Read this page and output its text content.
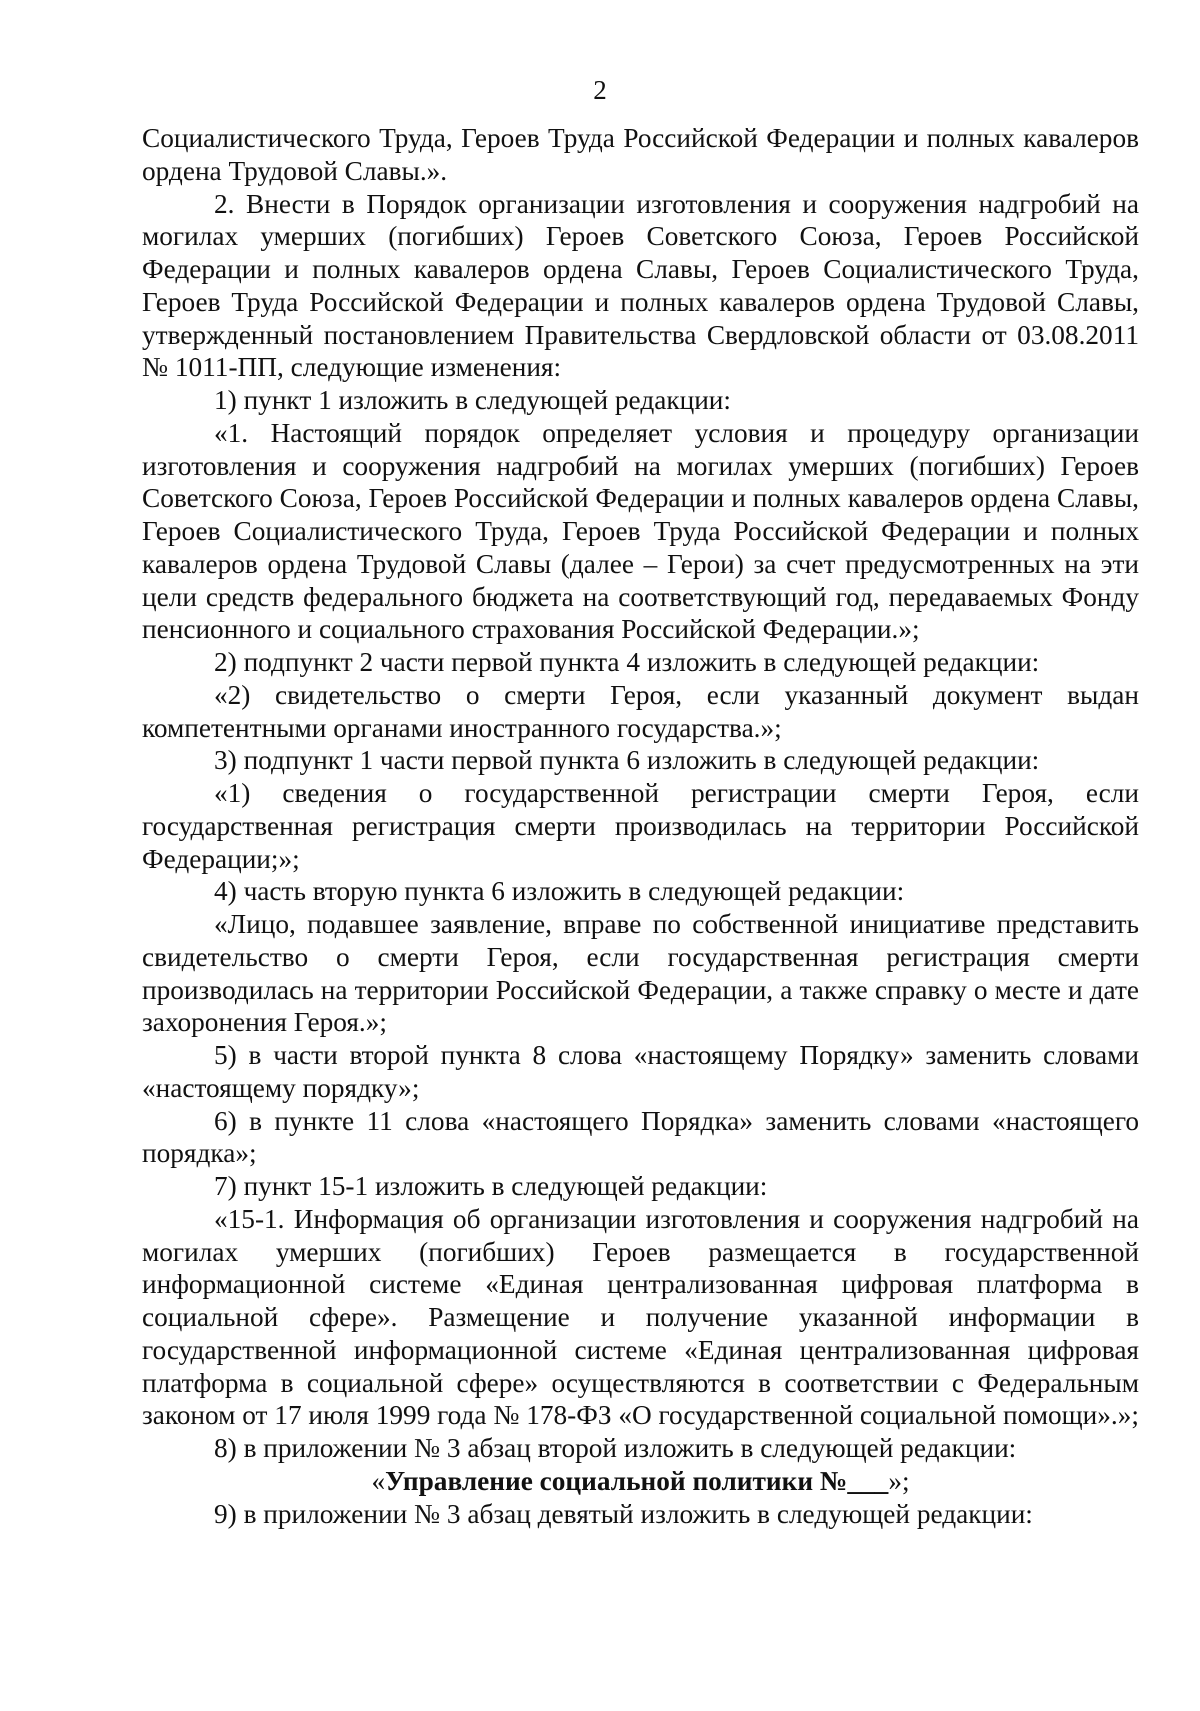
2

Социалистического Труда, Героев Труда Российской Федерации и полных кавалеров ордена Трудовой Славы.».

2. Внести в Порядок организации изготовления и сооружения надгробий на могилах умерших (погибших) Героев Советского Союза, Героев Российской Федерации и полных кавалеров ордена Славы, Героев Социалистического Труда, Героев Труда Российской Федерации и полных кавалеров ордена Трудовой Славы, утвержденный постановлением Правительства Свердловской области от 03.08.2011 № 1011-ПП, следующие изменения:

1) пункт 1 изложить в следующей редакции:

«1. Настоящий порядок определяет условия и процедуру организации изготовления и сооружения надгробий на могилах умерших (погибших) Героев Советского Союза, Героев Российской Федерации и полных кавалеров ордена Славы, Героев Социалистического Труда, Героев Труда Российской Федерации и полных кавалеров ордена Трудовой Славы (далее – Герои) за счет предусмотренных на эти цели средств федерального бюджета на соответствующий год, передаваемых Фонду пенсионного и социального страхования Российской Федерации.»;

2) подпункт 2 части первой пункта 4 изложить в следующей редакции:

«2) свидетельство о смерти Героя, если указанный документ выдан компетентными органами иностранного государства.»;

3) подпункт 1 части первой пункта 6 изложить в следующей редакции:

«1) сведения о государственной регистрации смерти Героя, если государственная регистрация смерти производилась на территории Российской Федерации;»;

4) часть вторую пункта 6 изложить в следующей редакции:

«Лицо, подавшее заявление, вправе по собственной инициативе представить свидетельство о смерти Героя, если государственная регистрация смерти производилась на территории Российской Федерации, а также справку о месте и дате захоронения Героя.»;

5) в части второй пункта 8 слова «настоящему Порядку» заменить словами «настоящему порядку»;

6) в пункте 11 слова «настоящего Порядка» заменить словами «настоящего порядка»;

7) пункт 15-1 изложить в следующей редакции:

«15-1. Информация об организации изготовления и сооружения надгробий на могилах умерших (погибших) Героев размещается в государственной информационной системе «Единая централизованная цифровая платформа в социальной сфере». Размещение и получение указанной информации в государственной информационной системе «Единая централизованная цифровая платформа в социальной сфере» осуществляются в соответствии с Федеральным законом от 17 июля 1999 года № 178-ФЗ «О государственной социальной помощи».»;

8) в приложении № 3 абзац второй изложить в следующей редакции:

«Управление социальной политики №___»;

9) в приложении № 3 абзац девятый изложить в следующей редакции:
